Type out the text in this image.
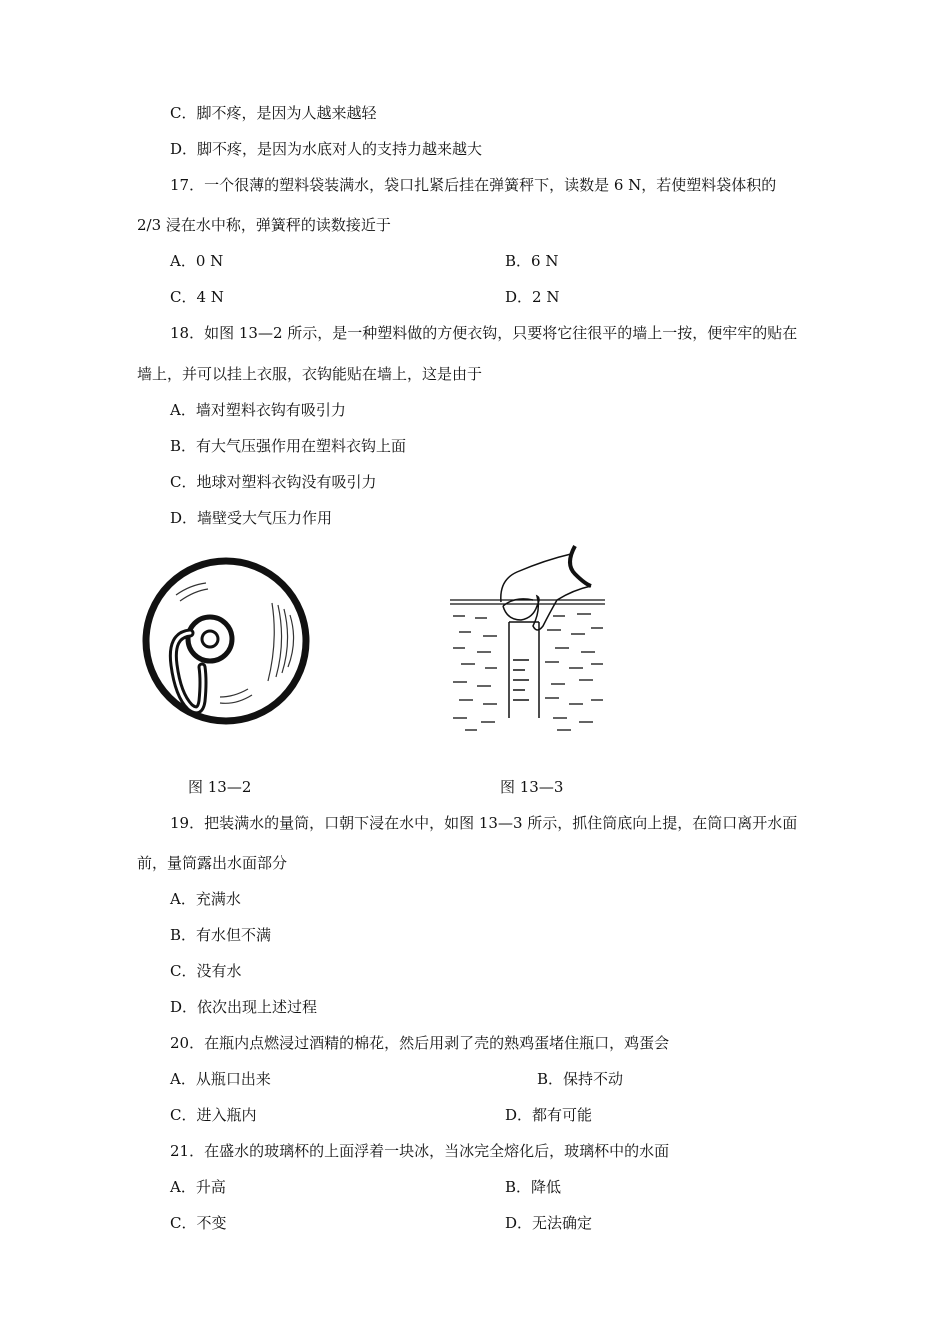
C．脚不疼，是因为人越来越轻
D．脚不疼，是因为水底对人的支持力越来越大
17．一个很薄的塑料袋装满水，袋口扎紧后挂在弹簧秤下，读数是 6 N，若使塑料袋体积的
2/3 浸在水中称，弹簧秤的读数接近于
A．0 N	B．6 N
C．4 N	D．2 N
18．如图 13—2 所示，是一种塑料做的方便衣钩，只要将它往很平的墙上一按，便牢牢的贴在
墙上，并可以挂上衣服，衣钩能贴在墙上，这是由于
A．墙对塑料衣钩有吸引力
B．有大气压强作用在塑料衣钩上面
C．地球对塑料衣钩没有吸引力
D．墙壁受大气压力作用
图 13—2	图 13—3
19．把装满水的量筒，口朝下浸在水中，如图 13—3 所示，抓住筒底向上提，在筒口离开水面
前，量筒露出水面部分
A．充满水
B．有水但不满
C．没有水
D．依次出现上述过程
20．在瓶内点燃浸过酒精的棉花，然后用剥了壳的熟鸡蛋堵住瓶口，鸡蛋会
A．从瓶口出来	B．保持不动
C．进入瓶内	D．都有可能
21．在盛水的玻璃杯的上面浮着一块冰，当冰完全熔化后，玻璃杯中的水面
A．升高	B．降低
C．不变	D．无法确定
